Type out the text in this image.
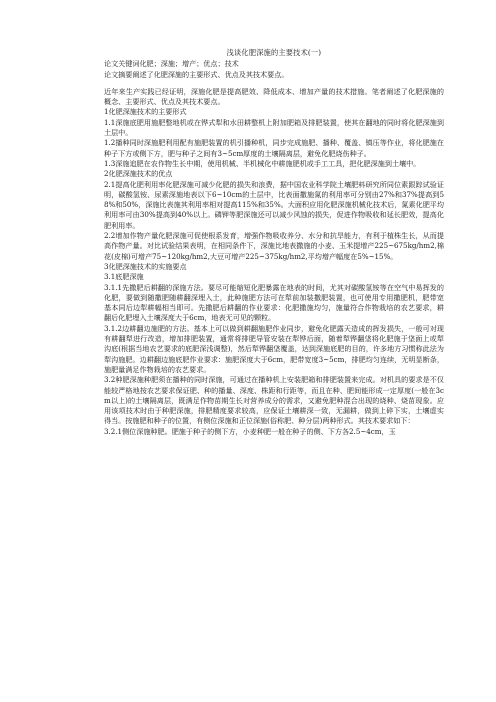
浅谈化肥深施的主要技术(一)

论文关键词化肥；深施；增产；优点；技术

论文摘要阐述了化肥深施的主要形式、优点及其技术要点。

近年来生产实践已经证明，深施化肥是提高肥效、降低成本、增加产量的技术措施。笔者阐述了化肥深施的概念、主要形式、优点及其技术要点。

1化肥深施技术的主要形式

1.1深施底肥用施肥整地机或在铧式犁和水田耕整机上附加肥箱及排肥装置，使其在翻地的同时将化肥深施到土层中。

1.2播种同时深施肥利用配有施肥装置的机引播种机，同步完成施肥、播种、覆盖、镇压等作业，将化肥施在种子下方或侧下方，肥与种子之间有3~5cm厚度的土壤隔离层，避免化肥烧伤种子。

1.3深施追肥在农作物生长中期，使用机械、半机械化中耕施肥机或手工工具，把化肥深施到土壤中。

2化肥深施技术的优点

2.1提高化肥利用率化肥深施可减少化肥的损失和浪费，据中国农业科学院土壤肥料研究所同位素跟踪试验证明，碳酸氢铵、尿素深施地表以下6~10cm的土层中，比表面撒施氮的利用率可分别由27%和37%提高到58%和50%，深施比表施其利用率相对提高115%和35%。大面积应用化肥深施机械化技术后，氮素化肥平均利用率可由30%提高到40%以上。磷钾等肥深施还可以减少风蚀的损失，促进作物吸收和延长肥效，提高化肥利用率。

2.2增加作物产量化肥深施可促使根系发育，增强作物吸收养分、水分和抗旱能力，有利于植株生长，从而提高作物产量。对比试验结果表明，在相同条件下，深施比地表撒施的小麦、玉米提增产225~675kg/hm2,棉花(皮棉)可增产75~120kg/hm2,大豆可增产225~375kg/hm2,平均增产幅度在5%~15%。

3化肥深施技术的实施要点

3.1底肥深施

3.1.1先撒肥后耕翻的深施方法。要尽可能缩短化肥暴露在地表的时间，尤其对碳酸氢铵等在空气中易挥发的化肥，要做到随撒肥随耕翻深埋入土，此种施肥方法可在犁前加装撒肥装置，也可使用专用撒肥机，肥带宽基本同后边犁耕幅相当即可。先撒肥后耕翻的作业要求：化肥撒施均匀，施量符合作物栽培的农艺要求，耕翻后化肥埋入土壤深度大于6cm，地表无可见的颗粒。

3.1.2边耕翻边施肥的方法。基本上可以做到耕翻施肥作业同步，避免化肥露天造成的挥发损失，一般可对现有耕翻犁进行改造，增加排肥装置，通常将排肥导管安装在犁铧后面，随着犁铧翻垡将化肥施于垡面上或犁沟底(根据当地农艺要求的底肥深浅调整)，然后犁铧翻垡覆盖，达到深施底肥的目的，许多地方习惯称此法为犁沟施肥。边耕翻边施底肥作业要求：施肥深度大于6cm，肥带宽度3~5cm，排肥均匀连续，无明显断条，施肥量满足作物栽培的农艺要求。

3.2种肥深施种肥须在播种的同时深施，可通过在播种机上安装肥箱和排肥装置来完成。对机具的要求是不仅能较严格地按农艺要求保证肥、种的播量、深度、株距和行距等，而且在种、肥间能形成一定厚度(一般在3cm以上)的土壤隔离层，既满足作物苗期生长对营养成分的需求，又避免肥种混合出现的烧种、烧苗现象。应用该项技术时由于种肥深施，排肥精度要求较高，应保证土壤耕深一致，无漏耕，做到上碎下实，土壤虚实得当。按施肥和种子的位置，有侧位深施和正位深施(俗称肥、种分层)两种形式。其技术要求如下：

3.2.1侧位深施种肥。肥施于种子的侧下方，小麦种肥一般在种子的侧、下方各2.5~4cm，玉
